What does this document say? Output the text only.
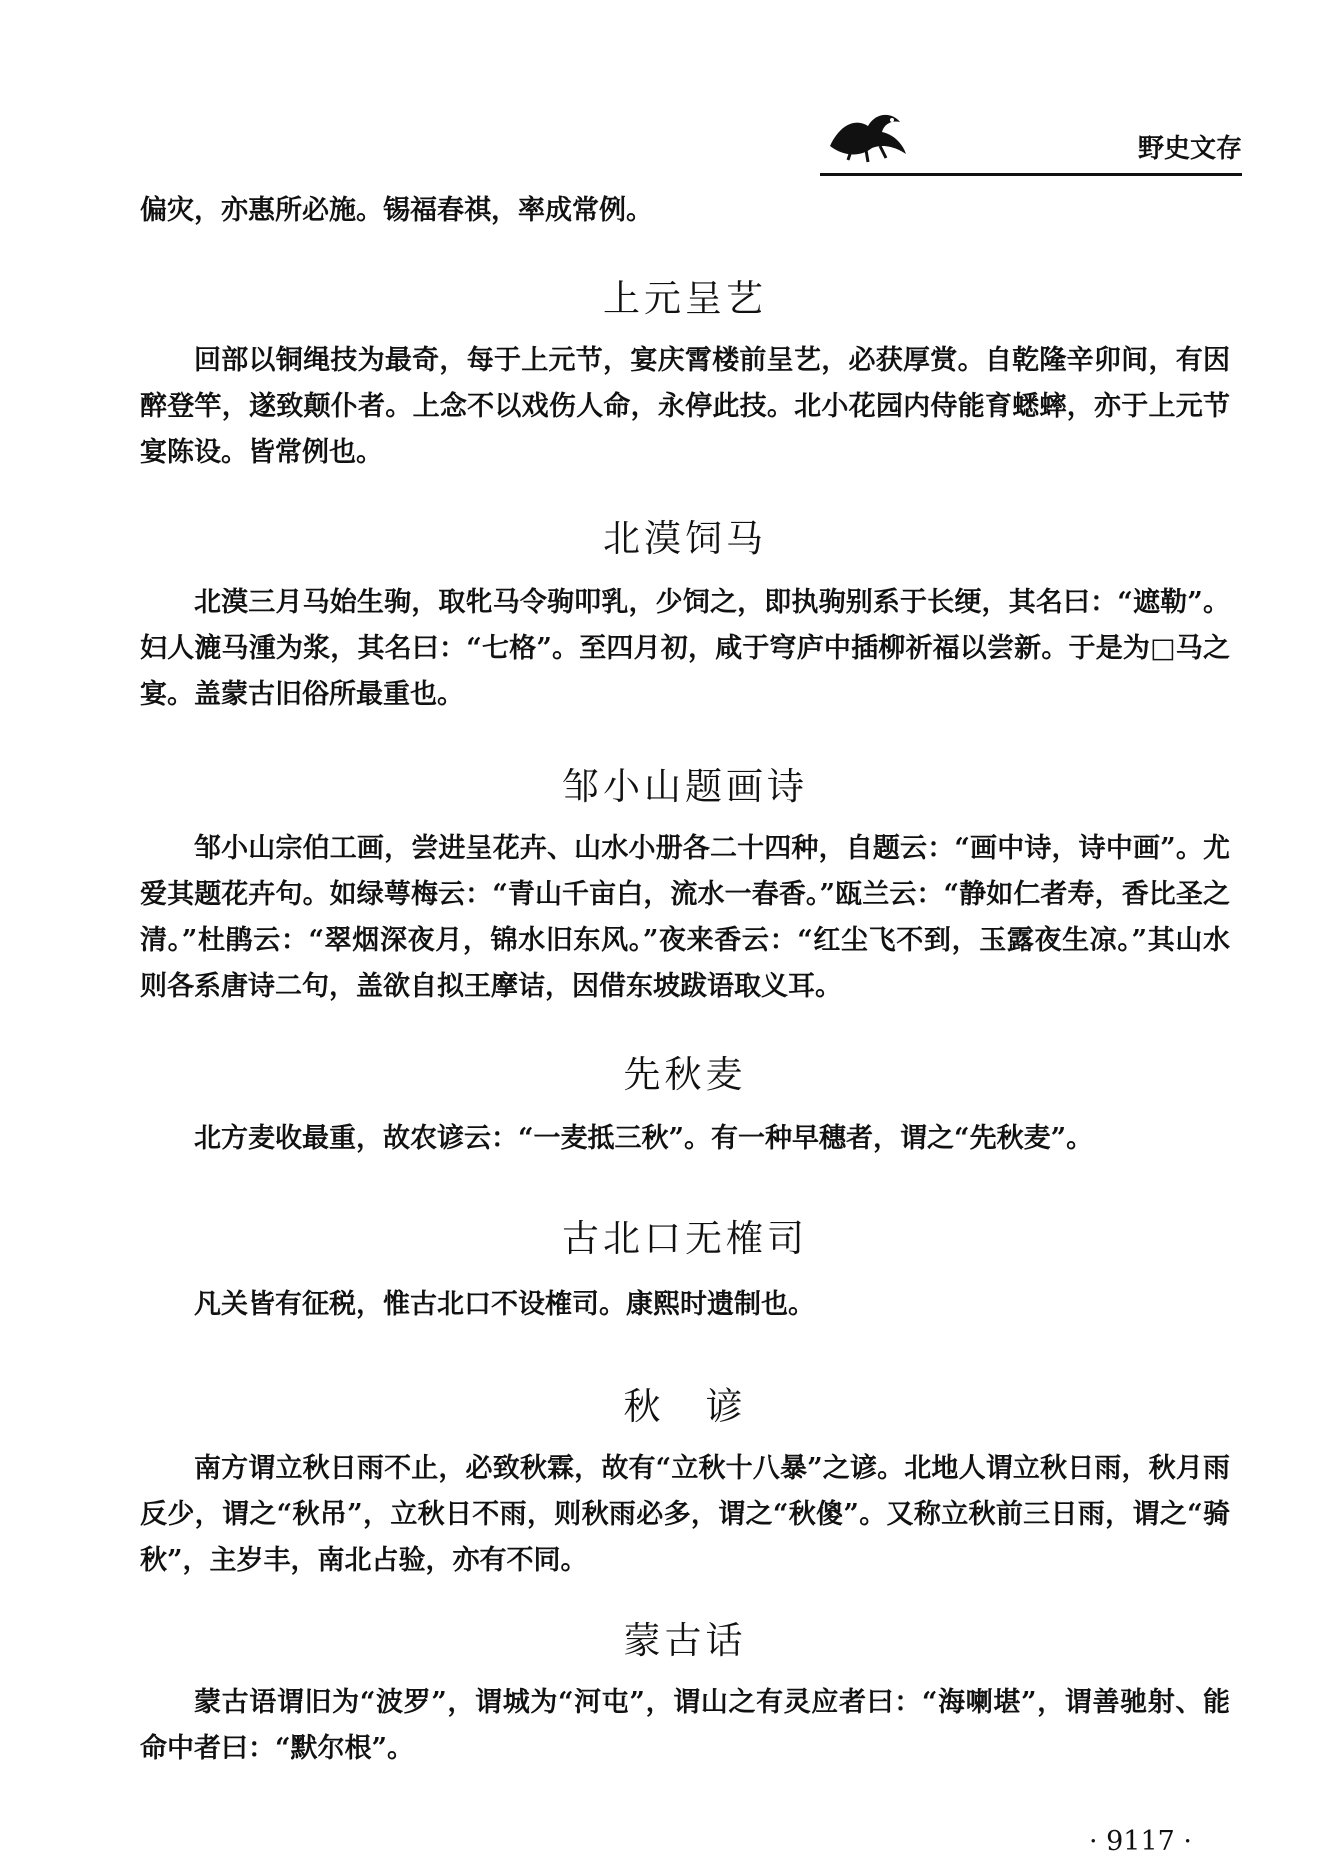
野史文存

偏灾，亦惠所必施。锡福春祺，率成常例。

上元呈艺

回部以铜绳技为最奇，每于上元节，宴庆霄楼前呈艺，必获厚赏。自乾隆辛卯间，有因醉登竿，遂致颠仆者。上念不以戏伤人命，永停此技。北小花园内侍能育蟋蟀，亦于上元节宴陈设。皆常例也。

北漠饲马

北漠三月马始生驹，取牝马令驹叩乳，少饲之，即执驹别系于长绠，其名曰：“遮勒”。妇人漉马湩为浆，其名曰：“七格”。至四月初，咸于穹庐中插柳祈福以尝新。于是为□马之宴。盖蒙古旧俗所最重也。

邹小山题画诗

邹小山宗伯工画，尝进呈花卉、山水小册各二十四种，自题云：“画中诗，诗中画”。尤爱其题花卉句。如绿萼梅云：“青山千亩白，流水一春香。”瓯兰云：“静如仁者寿，香比圣之清。”杜鹃云：“翠烟深夜月，锦水旧东风。”夜来香云：“红尘飞不到，玉露夜生凉。”其山水则各系唐诗二句，盖欲自拟王摩诘，因借东坡跋语取义耳。

先秋麦

北方麦收最重，故农谚云：“一麦抵三秋”。有一种早穗者，谓之“先秋麦”。

古北口无榷司

凡关皆有征税，惟古北口不设榷司。康熙时遗制也。

秋　谚

南方谓立秋日雨不止，必致秋霖，故有“立秋十八暴”之谚。北地人谓立秋日雨，秋月雨反少，谓之“秋吊”，立秋日不雨，则秋雨必多，谓之“秋傻”。又称立秋前三日雨，谓之“骑秋”，主岁丰，南北占验，亦有不同。

蒙古话

蒙古语谓旧为“波罗”，谓城为“河屯”，谓山之有灵应者曰：“海喇堪”，谓善驰射、能命中者曰：“默尔根”。

· 9117 ·
